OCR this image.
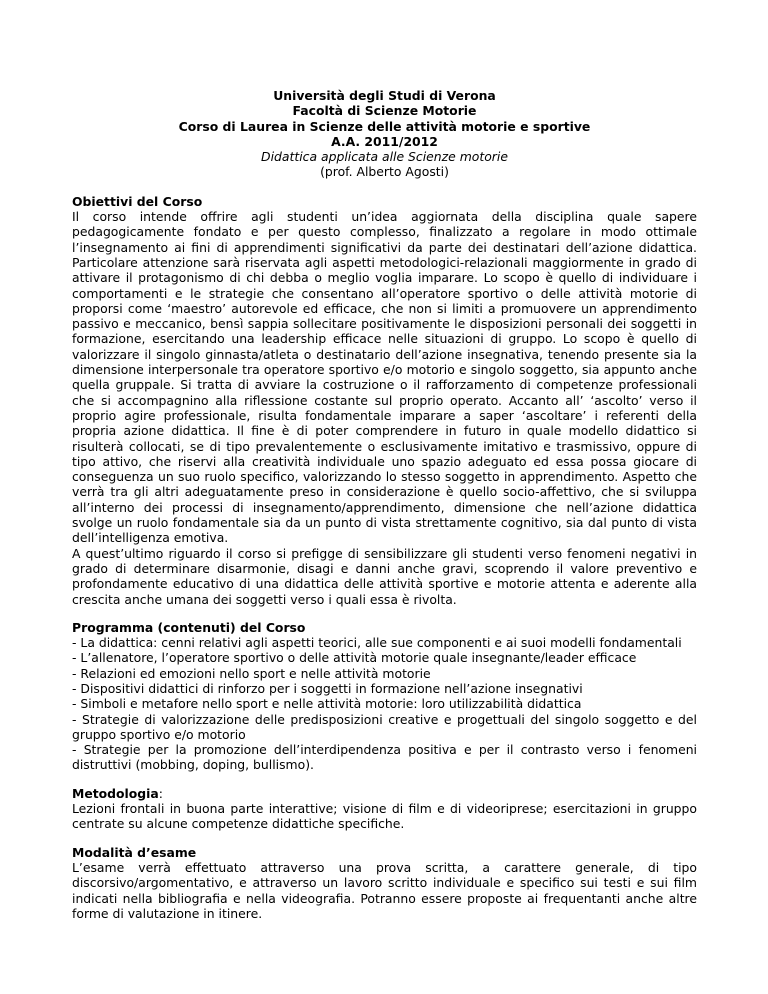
Università degli Studi di Verona
Facoltà di Scienze Motorie
Corso di Laurea in Scienze delle attività motorie e sportive
A.A. 2011/2012
Didattica applicata alle Scienze motorie
(prof. Alberto Agosti)
Obiettivi del Corso
Il corso intende offrire agli studenti un’idea aggiornata della disciplina quale sapere pedagogicamente fondato e per questo complesso, finalizzato a regolare in modo ottimale l’insegnamento ai fini di apprendimenti significativi da parte dei destinatari dell’azione didattica. Particolare attenzione sarà riservata agli aspetti metodologici-relazionali maggiormente in grado di attivare il protagonismo di chi debba o meglio voglia imparare. Lo scopo è quello di individuare i comportamenti e le strategie che consentano all’operatore sportivo o delle attività motorie di proporsi come ‘maestro’ autorevole ed efficace, che non si limiti a promuovere un apprendimento passivo e meccanico, bensì sappia sollecitare positivamente le disposizioni personali dei soggetti in formazione, esercitando una leadership efficace nelle situazioni di gruppo. Lo scopo è quello di valorizzare il singolo ginnasta/atleta o destinatario dell’azione insegnativa, tenendo presente sia la dimensione interpersonale tra operatore sportivo e/o motorio e singolo soggetto, sia appunto anche quella gruppale. Si tratta di avviare la costruzione o il rafforzamento di competenze professionali che si accompagnino alla riflessione costante sul proprio operato. Accanto all’ ‘ascolto’ verso il proprio agire professionale, risulta fondamentale imparare a saper ‘ascoltare’ i referenti della propria azione didattica. Il fine è di poter comprendere in futuro in quale modello didattico si risulterà collocati, se di tipo prevalentemente o esclusivamente imitativo e trasmissivo, oppure di tipo attivo, che riservi alla creatività individuale uno spazio adeguato ed essa possa giocare di conseguenza un suo ruolo specifico, valorizzando lo stesso soggetto in apprendimento. Aspetto che verrà tra gli altri adeguatamente preso in considerazione è quello socio-affettivo, che si sviluppa all’interno dei processi di insegnamento/apprendimento, dimensione che nell’azione didattica svolge un ruolo fondamentale sia da un punto di vista strettamente cognitivo, sia dal punto di vista dell’intelligenza emotiva.
A quest’ultimo riguardo il corso si prefigge di sensibilizzare gli studenti verso fenomeni negativi in grado di determinare disarmonie, disagi e danni anche gravi, scoprendo il valore preventivo e profondamente educativo di una didattica delle attività sportive e motorie attenta e aderente alla crescita anche umana dei soggetti verso i quali essa è rivolta.
Programma (contenuti) del Corso
- La didattica: cenni relativi agli aspetti teorici, alle sue componenti e ai suoi modelli fondamentali
- L’allenatore, l’operatore sportivo o delle attività motorie quale insegnante/leader efficace
- Relazioni ed emozioni nello sport e nelle attività motorie
- Dispositivi didattici di rinforzo per i soggetti in formazione nell’azione insegnativi
- Simboli e metafore nello sport e nelle attività motorie: loro utilizzabilità didattica
- Strategie di valorizzazione delle predisposizioni creative e progettuali del singolo soggetto e del gruppo sportivo e/o motorio
- Strategie per la promozione dell’interdipendenza positiva e per il contrasto verso i fenomeni distruttivi (mobbing, doping, bullismo).
Metodologia:
Lezioni frontali in buona parte interattive; visione di film e di videoriprese; esercitazioni in gruppo centrate su alcune competenze didattiche specifiche.
Modalità d’esame
L’esame verrà effettuato attraverso una prova scritta, a carattere generale, di tipo discorsivo/argomentativo, e attraverso un lavoro scritto individuale e specifico sui testi e sui film indicati nella bibliografia e nella videografia. Potranno essere proposte ai frequentanti anche altre forme di valutazione in itinere.
